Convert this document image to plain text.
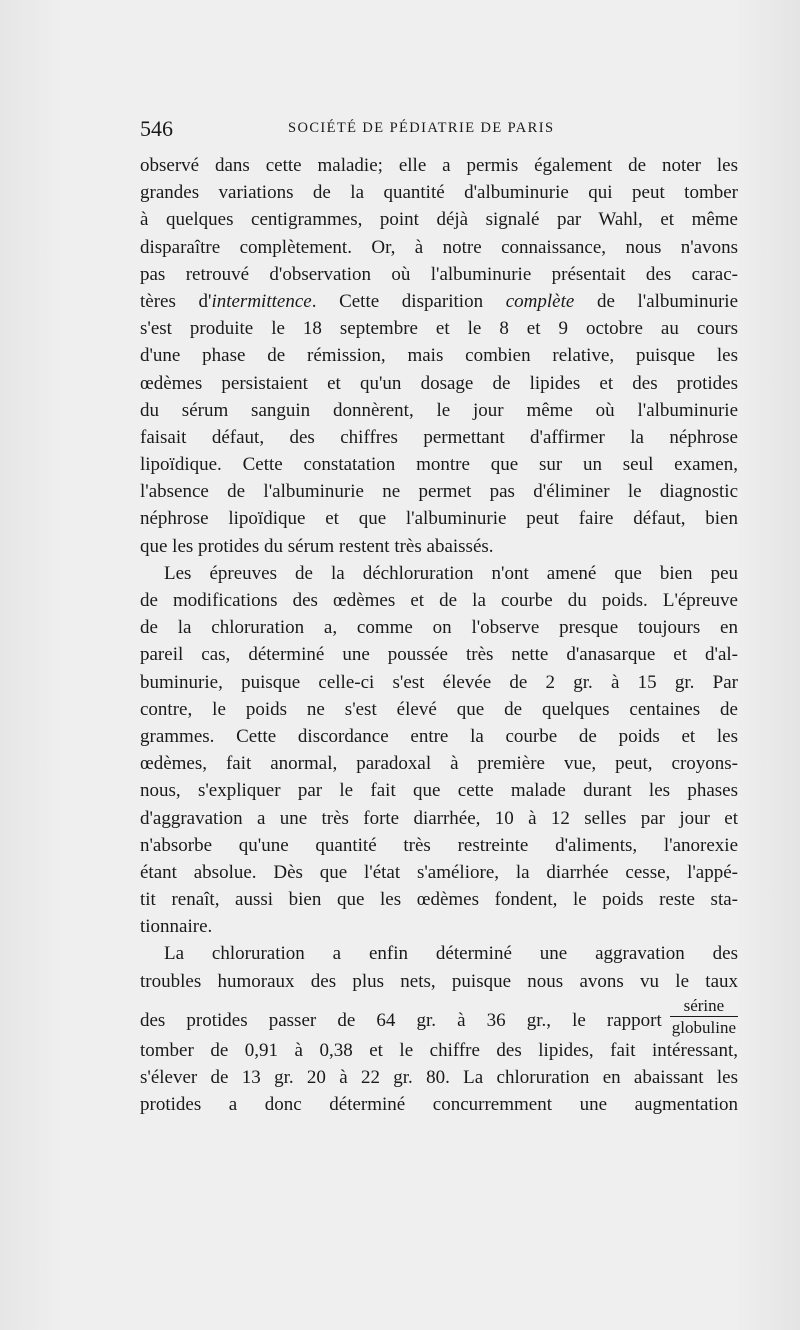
546	SOCIÉTÉ DE PÉDIATRIE DE PARIS
observé dans cette maladie; elle a permis également de noter les
grandes variations de la quantité d'albuminurie qui peut tomber
à quelques centigrammes, point déjà signalé par Wahl, et même
disparaître complètement. Or, à notre connaissance, nous n'avons
pas retrouvé d'observation où l'albuminurie présentait des carac-
tères d'intermittence. Cette disparition complète de l'albuminurie
s'est produite le 18 septembre et le 8 et 9 octobre au cours
d'une phase de rémission, mais combien relative, puisque les
œdèmes persistaient et qu'un dosage de lipides et des protides
du sérum sanguin donnèrent, le jour même où l'albuminurie
faisait défaut, des chiffres permettant d'affirmer la néphrose
lipoïdique. Cette constatation montre que sur un seul examen,
l'absence de l'albuminurie ne permet pas d'éliminer le diagnostic
néphrose lipoïdique et que l'albuminurie peut faire défaut, bien
que les protides du sérum restent très abaissés.
Les épreuves de la déchloruration n'ont amené que bien peu
de modifications des œdèmes et de la courbe du poids. L'épreuve
de la chloruration a, comme on l'observe presque toujours en
pareil cas, déterminé une poussée très nette d'anasarque et d'al-
buminurie, puisque celle-ci s'est élevée de 2 gr. à 15 gr. Par
contre, le poids ne s'est élevé que de quelques centaines de
grammes. Cette discordance entre la courbe de poids et les
œdèmes, fait anormal, paradoxal à première vue, peut, croyons-
nous, s'expliquer par le fait que cette malade durant les phases
d'aggravation a une très forte diarrhée, 10 à 12 selles par jour et
n'absorbe qu'une quantité très restreinte d'aliments, l'anorexie
étant absolue. Dès que l'état s'améliore, la diarrhée cesse, l'appé-
tit renaît, aussi bien que les œdèmes fondent, le poids reste sta-
tionnaire.
La chloruration a enfin déterminé une aggravation des
troubles humoraux des plus nets, puisque nous avons vu le taux
des protides passer de 64 gr. à 36 gr., le rapport $\frac{\text{sérine}}{\text{globuline}}$
tomber de 0,91 à 0,38 et le chiffre des lipides, fait intéressant,
s'élever de 13 gr. 20 à 22 gr. 80. La chloruration en abaissant les
protides a donc déterminé concurremment une augmentation
